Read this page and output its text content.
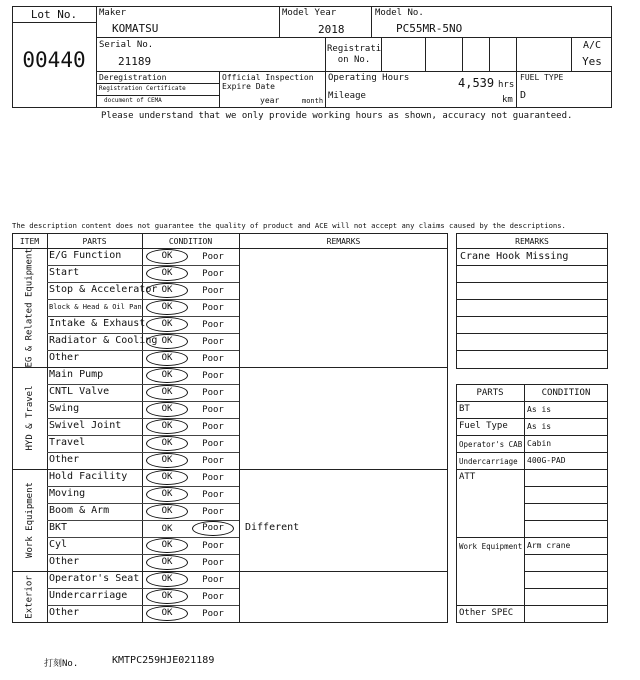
Lot No.
00440
Maker
KOMATSU
Model Year
2018
Model No.
PC55MR-5NO
Serial No.
21189
Registrati
on No.
A/C
Yes
Deregistration
Registration Certificate
document of CEMA
Official Inspection
Expire Date
year	month
Operating Hours	4,539 hrs
Mileage	km
FUEL TYPE
D
Please understand that we only provide working hours as shown, accuracy not guaranteed.
The description content does not guarantee the quality of product and ACE will not accept any claims caused by the descriptions.
ITEM	PARTS	CONDITION	REMARKS
E/G Function	OK	Poor
Start	OK	Poor
Stop & Accelerator OK	Poor
Block & Head & Oil Pan	OK	Poor
Intake & Exhaust	OK	Poor
Radiator & Cooling OK	Poor
Other	OK	Poor
EG & Related Equipment
Main Pump	OK	Poor
CNTL Valve	OK	Poor
Swing	OK	Poor
Swivel Joint	OK	Poor
Travel	OK	Poor
Other	OK	Poor
HYD & Travel
Hold Facility	OK	Poor
Moving	OK	Poor
Boom & Arm	OK	Poor
BKT	OK	Poor	Different
Cyl	OK	Poor
Other	OK	Poor
Work Equipment
Operator's Seat	OK	Poor
Undercarriage	OK	Poor
Other	OK	Poor
Exterior
REMARKS
Crane Hook Missing
PARTS	CONDITION
BT	As is
Fuel Type As is
Operator's CAB Cabin
Undercarriage 400G-PAD
ATT
Work Equipment Arm crane
Other SPEC
打刻No.	KMTPC259HJE021189
